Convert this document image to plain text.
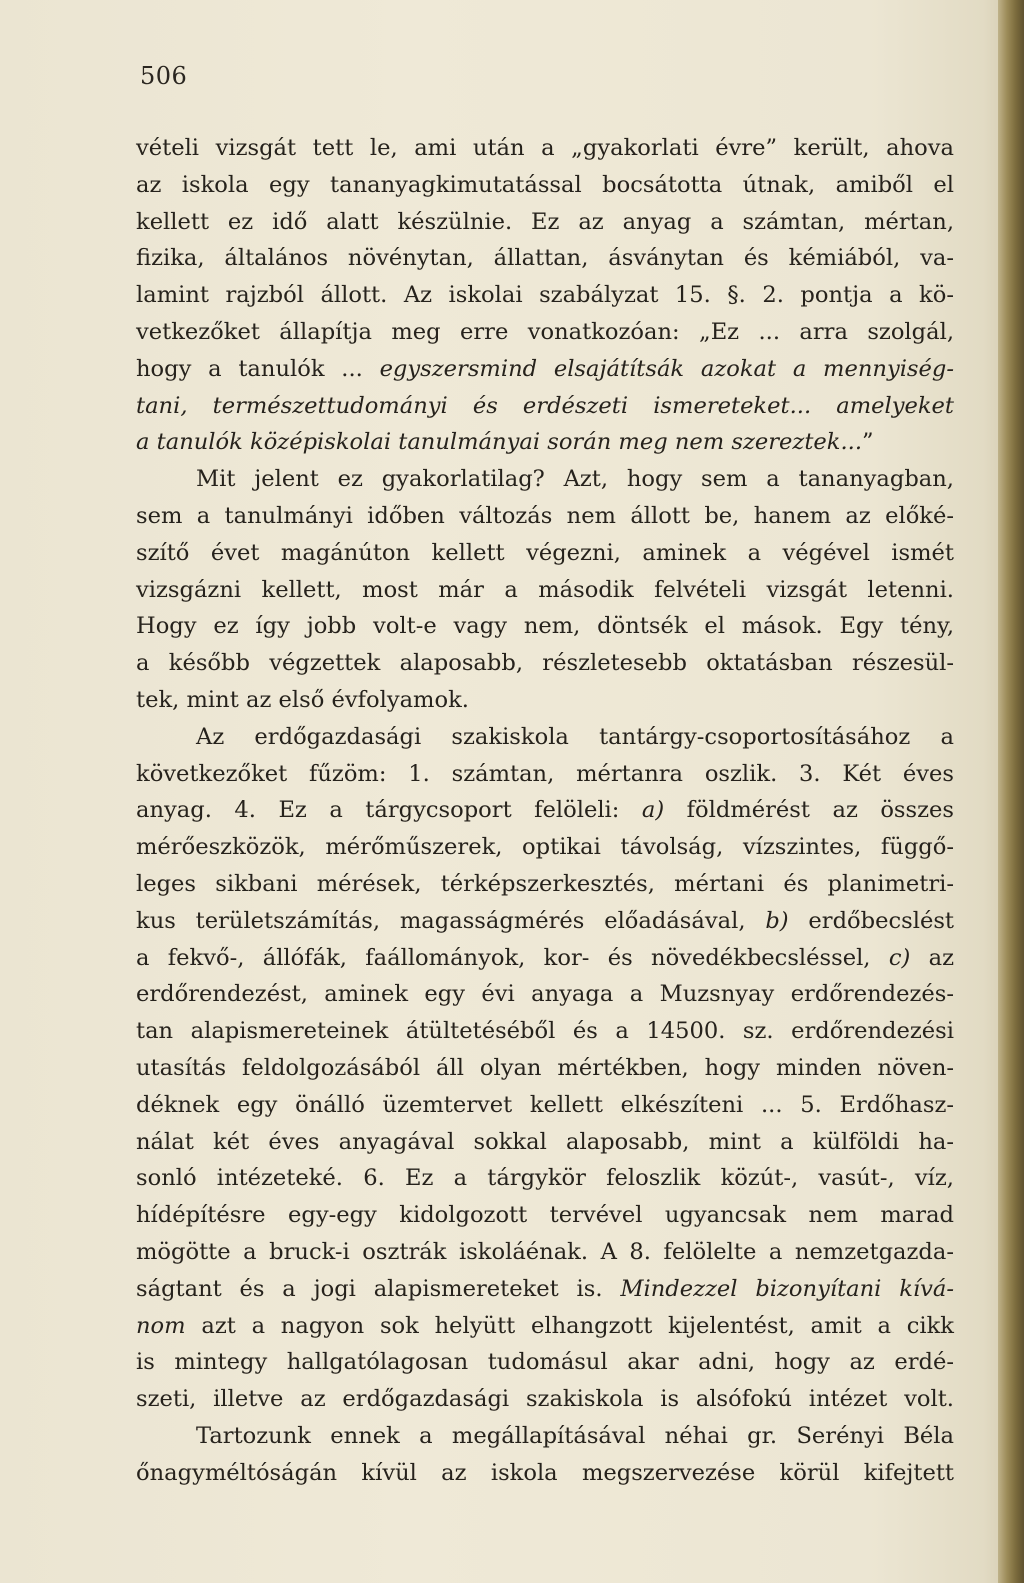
506
vételi vizsgát tett le, ami után a „gyakorlati évre” került, ahova
az iskola egy tananyagkimutatással bocsátotta útnak, amiből el
kellett ez idő alatt készülnie. Ez az anyag a számtan, mértan,
fizika, általános növénytan, állattan, ásványtan és kémiából, va-
lamint rajzból állott. Az iskolai szabályzat 15. §. 2. pontja a kö-
vetkezőket állapítja meg erre vonatkozóan: „Ez ... arra szolgál,
hogy a tanulók ... egyszersmind elsajátítsák azokat a mennyiség-
tani, természettudományi és erdészeti ismereteket... amelyeket
a tanulók középiskolai tanulmányai során meg nem szereztek...”
Mit jelent ez gyakorlatilag? Azt, hogy sem a tananyagban,
sem a tanulmányi időben változás nem állott be, hanem az előké-
szítő évet magánúton kellett végezni, aminek a végével ismét
vizsgázni kellett, most már a második felvételi vizsgát letenni.
Hogy ez így jobb volt-e vagy nem, döntsék el mások. Egy tény,
a később végzettek alaposabb, részletesebb oktatásban részesül-
tek, mint az első évfolyamok.
Az erdőgazdasági szakiskola tantárgy-csoportosításához a
következőket fűzöm: 1. számtan, mértanra oszlik. 3. Két éves
anyag. 4. Ez a tárgycsoport felöleli: a) földmérést az összes
mérőeszközök, mérőműszerek, optikai távolság, vízszintes, függő-
leges sikbani mérések, térképszerkesztés, mértani és planimetri-
kus területszámítás, magasságmérés előadásával, b) erdőbecslést
a fekvő-, állófák, faállományok, kor- és növedékbecsléssel, c) az
erdőrendezést, aminek egy évi anyaga a Muzsnyay erdőrendezés-
tan alapismereteinek átültetéséből és a 14500. sz. erdőrendezési
utasítás feldolgozásából áll olyan mértékben, hogy minden növen-
déknek egy önálló üzemtervet kellett elkészíteni ... 5. Erdőhasz-
nálat két éves anyagával sokkal alaposabb, mint a külföldi ha-
sonló intézeteké. 6. Ez a tárgykör feloszlik közút-, vasút-, víz,
hídépítésre egy-egy kidolgozott tervével ugyancsak nem marad
mögötte a bruck-i osztrák iskoláénak. A 8. felölelte a nemzetgazda-
ságtant és a jogi alapismereteket is. Mindezzel bizonyítani kívá-
nom azt a nagyon sok helyütt elhangzott kijelentést, amit a cikk
is mintegy hallgatólagosan tudomásul akar adni, hogy az erdé-
szeti, illetve az erdőgazdasági szakiskola is alsófokú intézet volt.
Tartozunk ennek a megállapításával néhai gr. Serényi Béla
őnagyméltóságán kívül az iskola megszervezése körül kifejtett
